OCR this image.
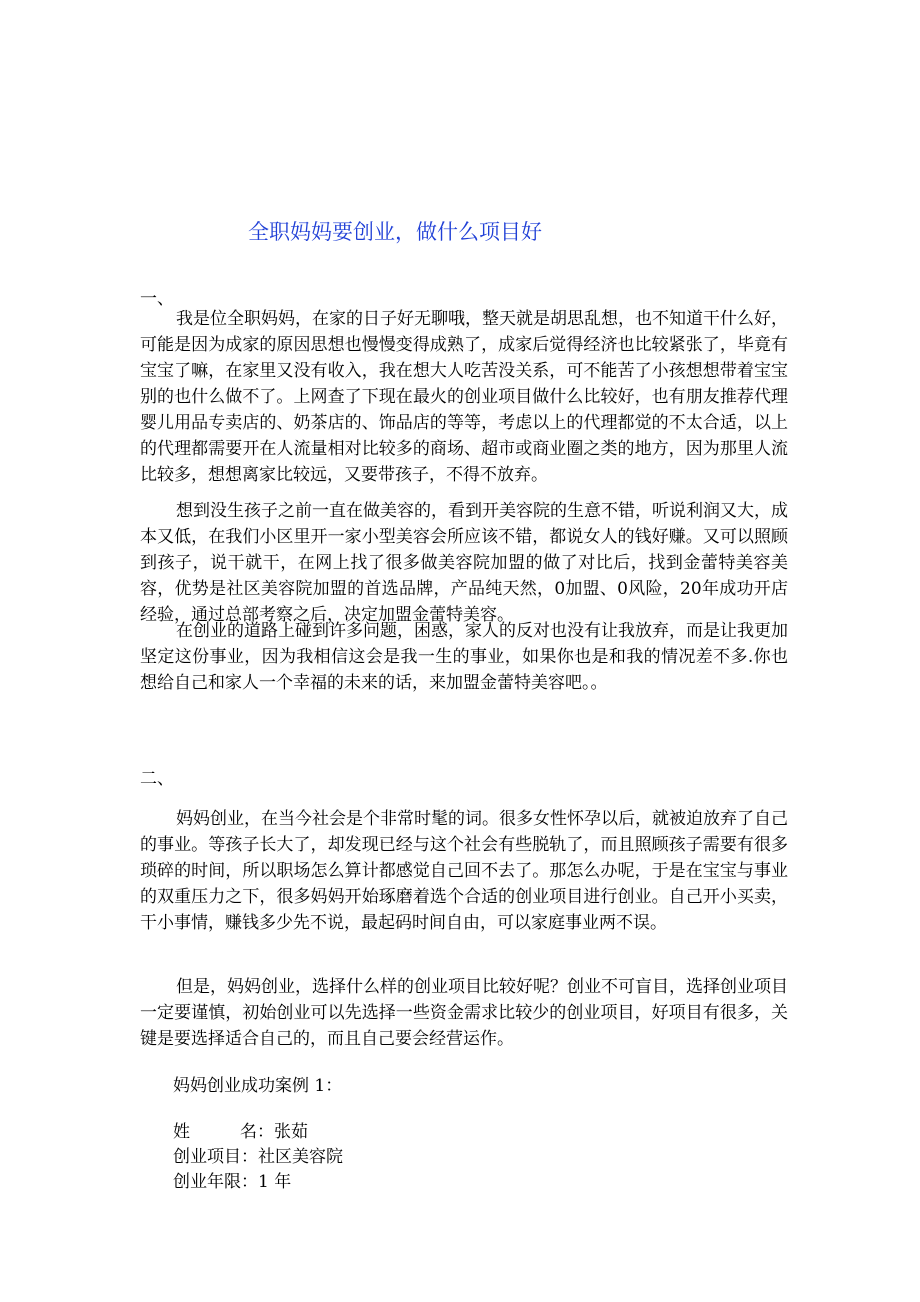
全职妈妈要创业，做什么项目好
一、
我是位全职妈妈，在家的日子好无聊哦，整天就是胡思乱想，也不知道干什么好，可能是因为成家的原因思想也慢慢变得成熟了，成家后觉得经济也比较紧张了，毕竟有宝宝了嘛，在家里又没有收入，我在想大人吃苦没关系，可不能苦了小孩想想带着宝宝别的也什么做不了。上网查了下现在最火的创业项目做什么比较好，也有朋友推荐代理婴儿用品专卖店的、奶茶店的、饰品店的等等，考虑以上的代理都觉的不太合适，以上的代理都需要开在人流量相对比较多的商场、超市或商业圈之类的地方，因为那里人流比较多，想想离家比较远，又要带孩子，不得不放弃。
想到没生孩子之前一直在做美容的，看到开美容院的生意不错，听说利润又大，成本又低，在我们小区里开一家小型美容会所应该不错，都说女人的钱好赚。又可以照顾到孩子，说干就干，在网上找了很多做美容院加盟的做了对比后，找到金蕾特美容美容，优势是社区美容院加盟的首选品牌，产品纯天然，0加盟、0风险，20年成功开店经验，通过总部考察之后，决定加盟金蕾特美容。
在创业的道路上碰到许多问题，困惑，家人的反对也没有让我放弃，而是让我更加坚定这份事业，因为我相信这会是我一生的事业，如果你也是和我的情况差不多.你也想给自己和家人一个幸福的未来的话，来加盟金蕾特美容吧。。
二、
妈妈创业，在当今社会是个非常时髦的词。很多女性怀孕以后，就被迫放弃了自己的事业。等孩子长大了，却发现已经与这个社会有些脱轨了，而且照顾孩子需要有很多琐碎的时间，所以职场怎么算计都感觉自己回不去了。那怎么办呢，于是在宝宝与事业的双重压力之下，很多妈妈开始琢磨着选个合适的创业项目进行创业。自己开小买卖，干小事情，赚钱多少先不说，最起码时间自由，可以家庭事业两不误。
但是，妈妈创业，选择什么样的创业项目比较好呢？创业不可盲目，选择创业项目一定要谨慎，初始创业可以先选择一些资金需求比较少的创业项目，好项目有很多，关键是要选择适合自己的，而且自己要会经营运作。
妈妈创业成功案例 1：
姓名：张茹
创业项目：社区美容院
创业年限：1 年
